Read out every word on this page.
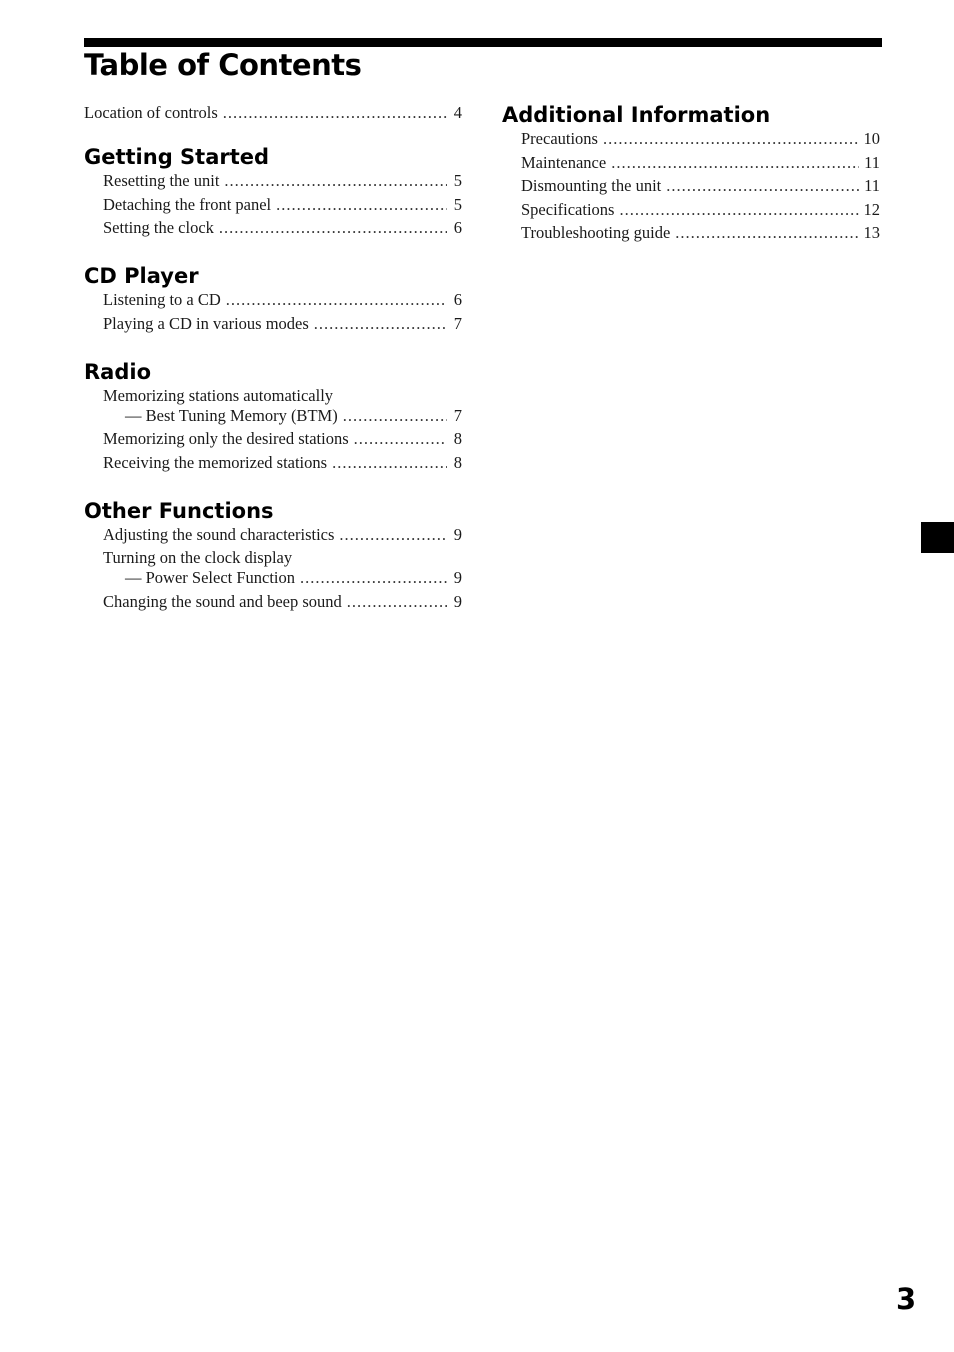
Table of Contents
Location of controls .....	4
Getting Started
Resetting the unit .....	5
Detaching the front panel .....	5
Setting the clock .....	6
CD Player
Listening to a CD .....	6
Playing a CD in various modes .....	7
Radio
Memorizing stations automatically
— Best Tuning Memory (BTM) .....	7
Memorizing only the desired stations .....	8
Receiving the memorized stations .....	8
Other Functions
Adjusting the sound characteristics .....	9
Turning on the clock display
— Power Select Function .....	9
Changing the sound and beep sound .....	9
Additional Information
Precautions .....	10
Maintenance .....	11
Dismounting the unit .....	11
Specifications .....	12
Troubleshooting guide .....	13
3
